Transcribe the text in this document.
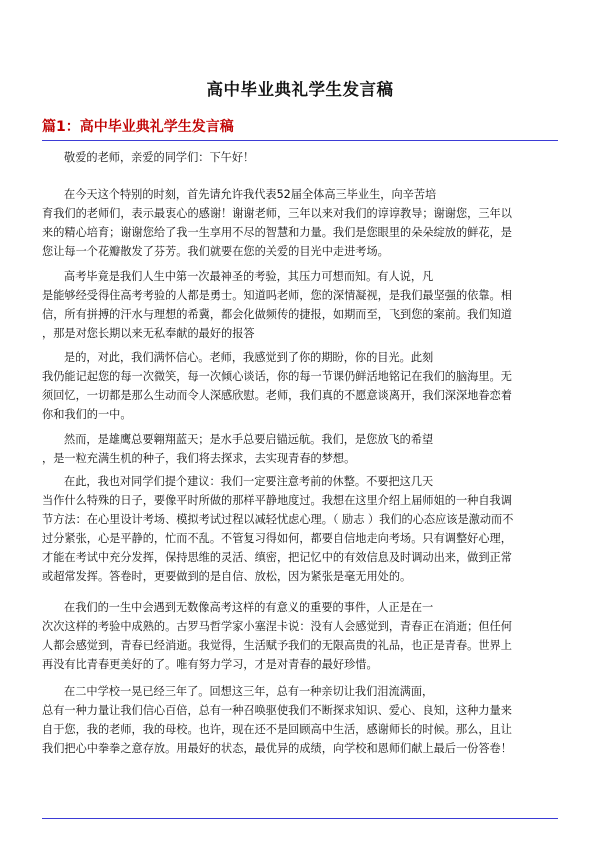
高中毕业典礼学生发言稿
篇1：高中毕业典礼学生发言稿
敬爱的老师，亲爱的同学们：下午好！
在今天这个特别的时刻，首先请允许我代表52届全体高三毕业生，向辛苦培
育我们的老师们，表示最衷心的感谢！谢谢老师，三年以来对我们的谆谆教导；谢谢您，三年以
来的精心培育；谢谢您给了我一生享用不尽的智慧和力量。我们是您眼里的朵朵绽放的鲜花，是
您让每一个花瓣散发了芬芳。我们就要在您的关爱的目光中走进考场。
高考毕竟是我们人生中第一次最神圣的考验，其压力可想而知。有人说，凡
是能够经受得住高考考验的人都是勇士。知道吗老师，您的深情凝视，是我们最坚强的依靠。相
信，所有拼搏的汗水与理想的希冀，都会化做频传的捷报，如期而至，飞到您的案前。我们知道
，那是对您长期以来无私奉献的最好的报答
是的，对此，我们满怀信心。老师，我感觉到了你的期盼，你的目光。此刻
我仍能记起您的每一次微笑，每一次倾心谈话，你的每一节课仍鲜活地铭记在我们的脑海里。无
须回忆，一切都是那么生动而令人深感欣慰。老师，我们真的不愿意谈离开，我们深深地眷恋着
你和我们的一中。
然而，是雄鹰总要翱翔蓝天；是水手总要启锚远航。我们，是您放飞的希望
，是一粒充满生机的种子，我们将去探求，去实现青春的梦想。
在此，我也对同学们提个建议：我们一定要注意考前的休整。不要把这几天
当作什么特殊的日子，要像平时所做的那样平静地度过。我想在这里介绍上届师姐的一种自我调
节方法：在心里设计考场、模拟考试过程以减轻忧虑心理。（ 励志 ）我们的心态应该是激动而不
过分紧张，心是平静的，忙而不乱。不管复习得如何，都要自信地走向考场。只有调整好心理，
才能在考试中充分发挥，保持思维的灵活、缜密，把记忆中的有效信息及时调动出来，做到正常
或超常发挥。答卷时，更要做到的是自信、放松，因为紧张是毫无用处的。
在我们的一生中会遇到无数像高考这样的有意义的重要的事件，人正是在一
次次这样的考验中成熟的。古罗马哲学家小塞涅卡说：没有人会感觉到，青春正在消逝；但任何
人都会感觉到，青春已经消逝。我觉得，生活赋予我们的无限高贵的礼品，也正是青春。世界上
再没有比青春更美好的了。唯有努力学习，才是对青春的最好珍惜。
在二中学校一晃已经三年了。回想这三年，总有一种亲切让我们泪流满面，
总有一种力量让我们信心百倍，总有一种召唤驱使我们不断探求知识、爱心、良知，这种力量来
自于您，我的老师，我的母校。也许，现在还不是回顾高中生活，感谢师长的时候。那么，且让
我们把心中拳拳之意存放。用最好的状态，最优异的成绩，向学校和恩师们献上最后一份答卷！
